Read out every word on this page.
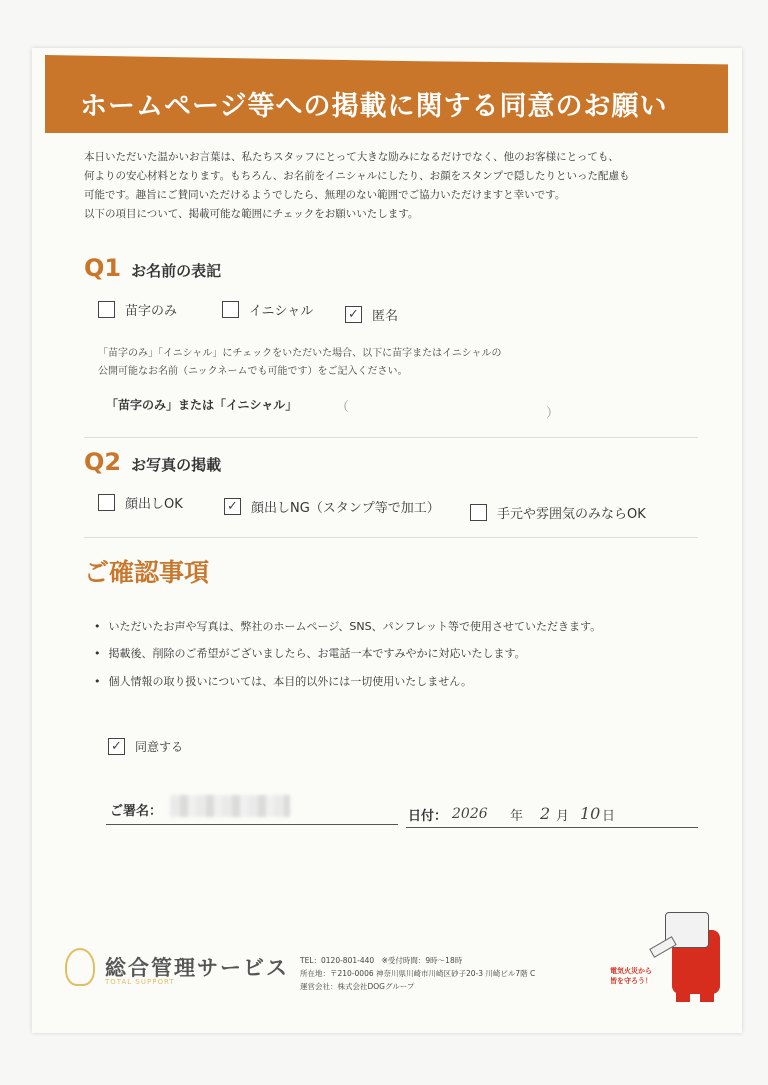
ホームページ等への掲載に関する同意のお願い
本日いただいた温かいお言葉は、私たちスタッフにとって大きな励みになるだけでなく、他のお客様にとっても、
何よりの安心材料となります。もちろん、お名前をイニシャルにしたり、お顔をスタンプで隠したりといった配慮も
可能です。趣旨にご賛同いただけるようでしたら、無理のない範囲でご協力いただけますと幸いです。
以下の項目について、掲載可能な範囲にチェックをお願いいたします。
Q1 お名前の表記
苗字のみ	イニシャル	✓ 匿名
「苗字のみ」「イニシャル」にチェックをいただいた場合、以下に苗字またはイニシャルの
公開可能なお名前（ニックネームでも可能です）をご記入ください。
「苗字のみ」または「イニシャル」	（	）
Q2 お写真の掲載
顔出しOK	✓ 顔出しNG（スタンプ等で加工）	手元や雰囲気のみならOK
ご確認事項
• いただいたお声や写真は、弊社のホームページ、SNS、パンフレット等で使用させていただきます。
• 掲載後、削除のご希望がございましたら、お電話一本ですみやかに対応いたします。
• 個人情報の取り扱いについては、本目的以外には一切使用いたしません。
✓ 同意する
ご署名：	日付： 2026 年 2 月 10 日
総合管理サービス
TOTAL SUPPORT
TEL：0120-801-440　※受付時間：9時〜18時
所在地：〒210-0006 神奈川県川崎市川崎区砂子20-3 川崎ビル7階 C
運営会社：株式会社DOGグループ
電気火災から
皆を守ろう！
